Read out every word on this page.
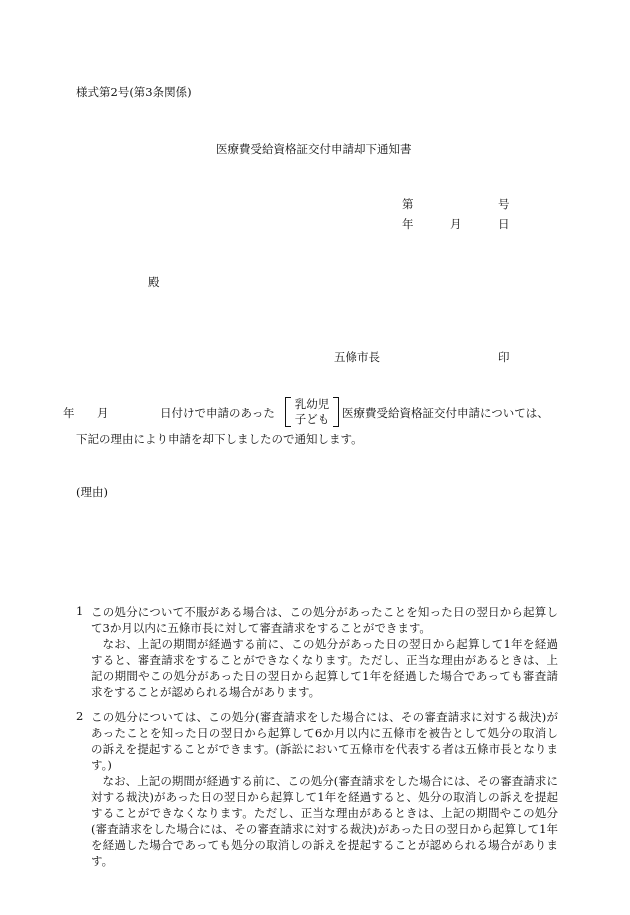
様式第2号(第3条関係)
医療費受給資格証交付申請却下通知書
第	号
年	月	日
殿
五條市長	印
年 月	日付けで申請のあった
乳幼児
子ども 医療費受給資格証交付申請については、
下記の理由により申請を却下しましたので通知します。
(理由)
1 この処分について不服がある場合は、この処分があったことを知った日の翌日から起算して3か月以内に五條市長に対して審査請求をすることができます。

なお、上記の期間が経過する前に、この処分があった日の翌日から起算して1年を経過すると、審査請求をすることができなくなります。ただし、正当な理由があるときは、上記の期間やこの処分があった日の翌日から起算して1年を経過した場合であっても審査請求をすることが認められる場合があります。

2 この処分については、この処分(審査請求をした場合には、その審査請求に対する裁決)があったことを知った日の翌日から起算して6か月以内に五條市を被告として処分の取消しの訴えを提起することができます。(訴訟において五條市を代表する者は五條市長となります。)

なお、上記の期間が経過する前に、この処分(審査請求をした場合には、その審査請求に対する裁決)があった日の翌日から起算して1年を経過すると、処分の取消しの訴えを提起することができなくなります。ただし、正当な理由があるときは、上記の期間やこの処分(審査請求をした場合には、その審査請求に対する裁決)があった日の翌日から起算して1年を経過した場合であっても処分の取消しの訴えを提起することが認められる場合があります。
